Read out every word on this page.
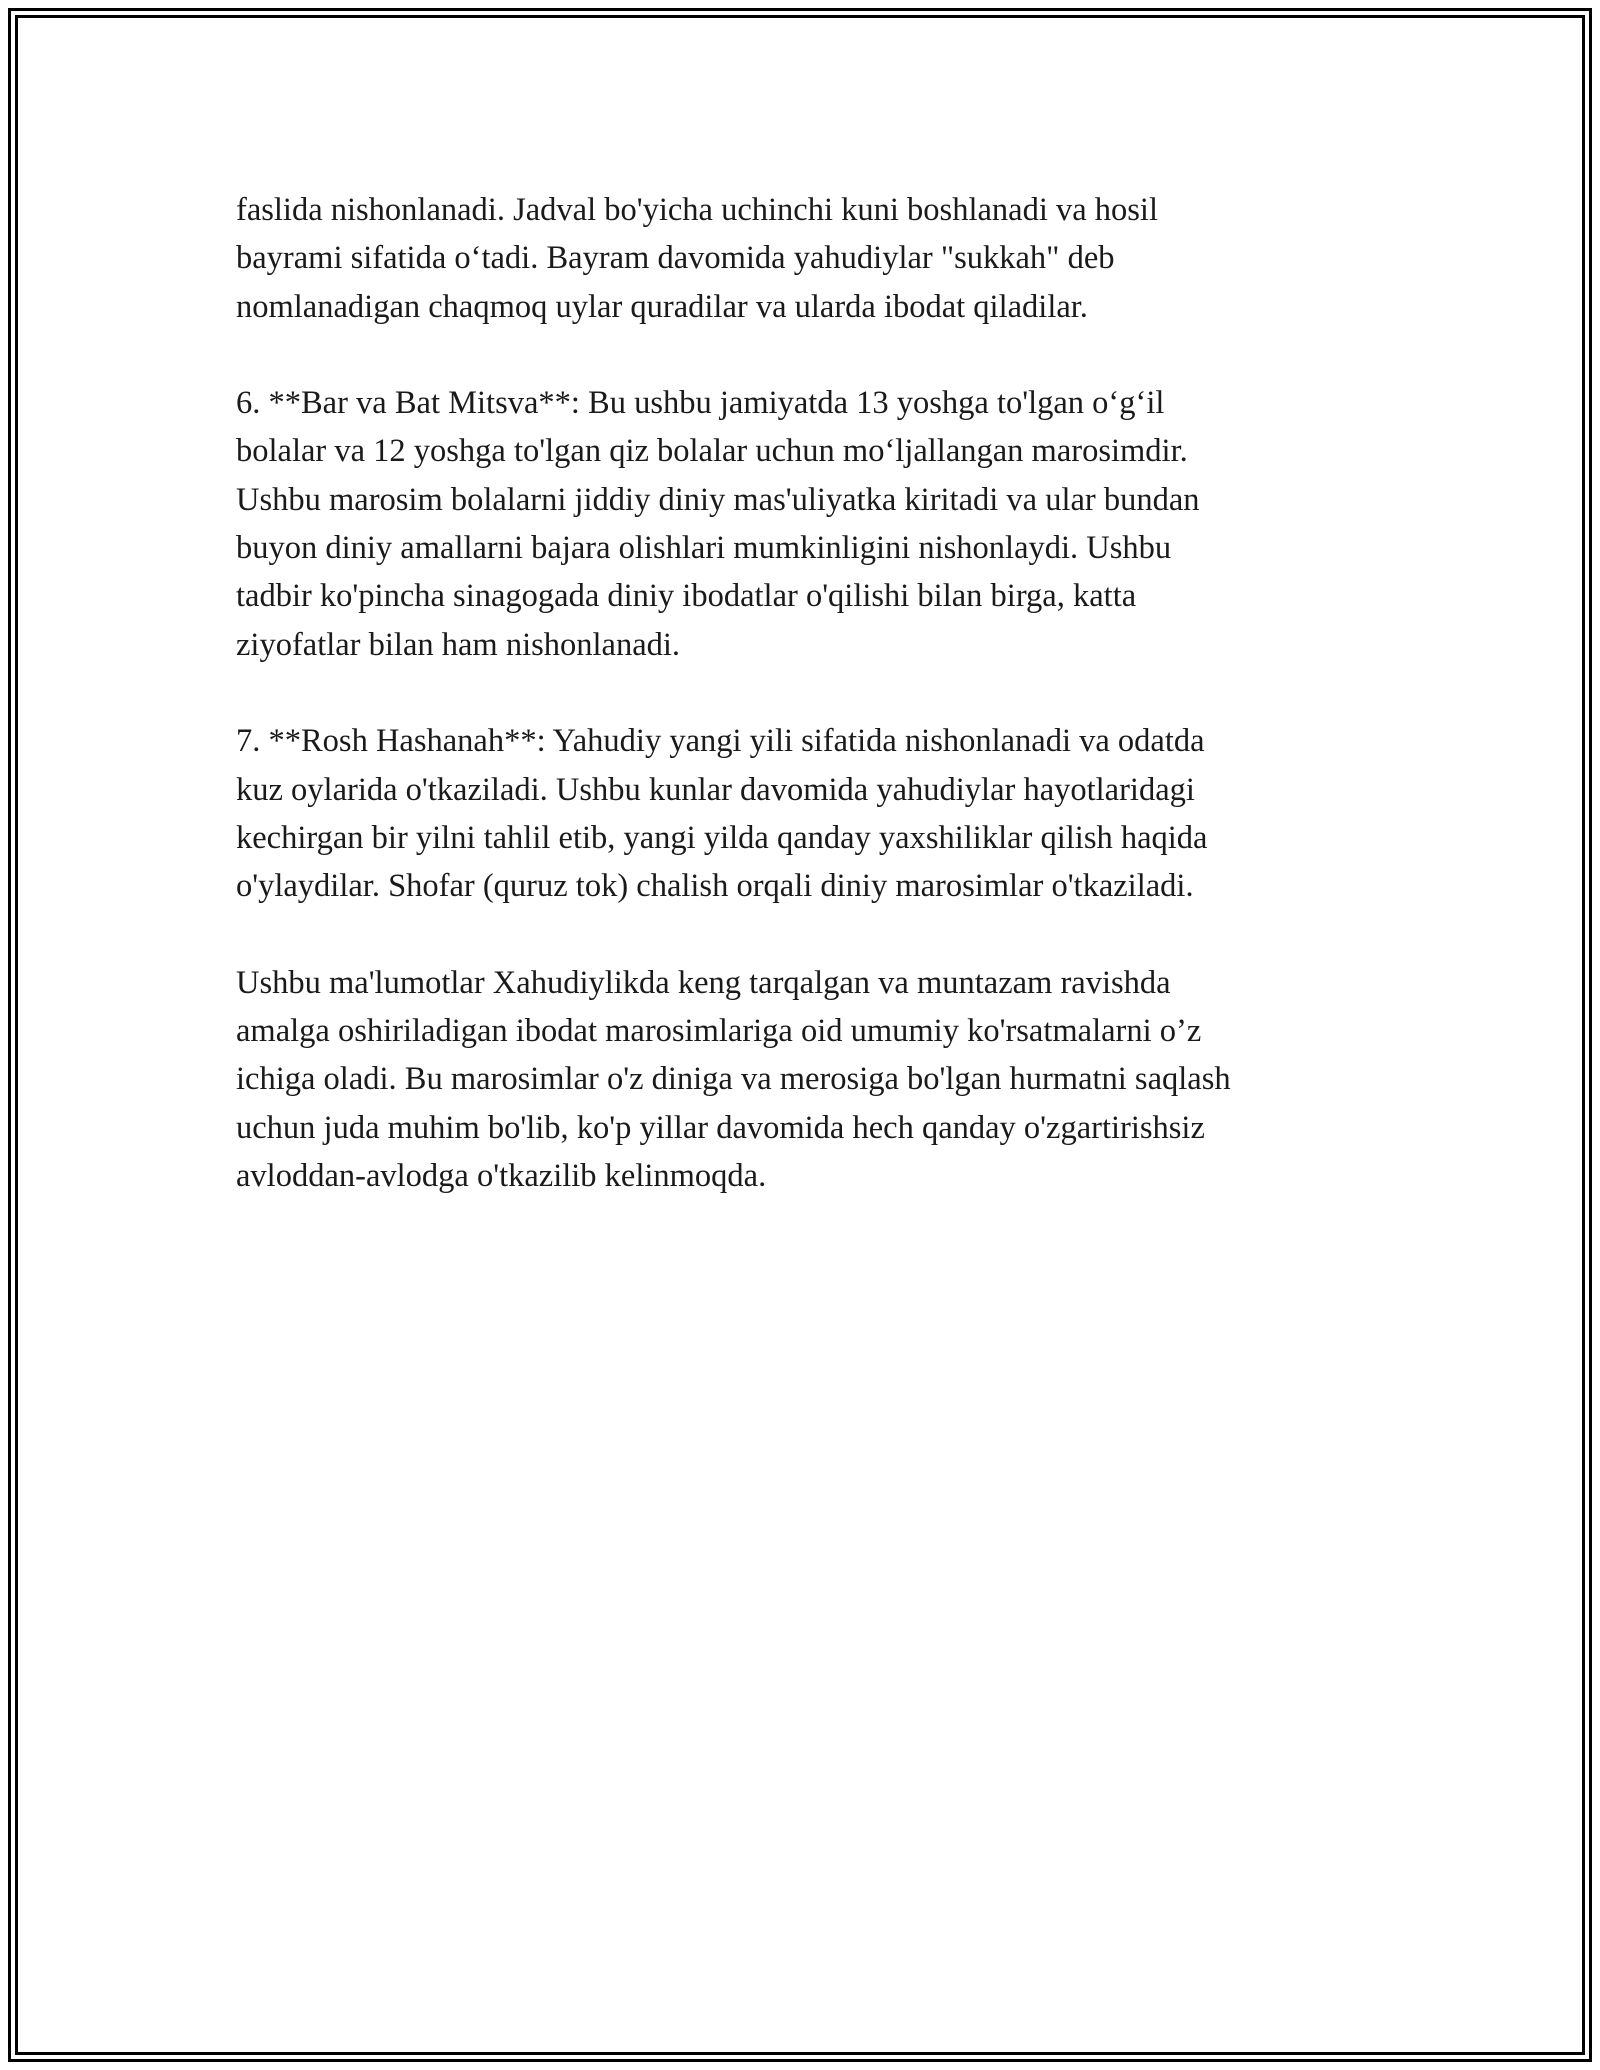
faslida nishonlanadi. Jadval bo'yicha uchinchi kuni boshlanadi va hosil
bayrami sifatida o‘tadi. Bayram davomida yahudiylar "sukkah" deb
nomlanadigan chaqmoq uylar quradilar va ularda ibodat qiladilar.

6. **Bar va Bat Mitsva**: Bu ushbu jamiyatda 13 yoshga to'lgan o‘g‘il
bolalar va 12 yoshga to'lgan qiz bolalar uchun mo‘ljallangan marosimdir.
Ushbu marosim bolalarni jiddiy diniy mas'uliyatka kiritadi va ular bundan
buyon diniy amallarni bajara olishlari mumkinligini nishonlaydi. Ushbu
tadbir ko'pincha sinagogada diniy ibodatlar o'qilishi bilan birga, katta
ziyofatlar bilan ham nishonlanadi.

7. **Rosh Hashanah**: Yahudiy yangi yili sifatida nishonlanadi va odatda
kuz oylarida o'tkaziladi. Ushbu kunlar davomida yahudiylar hayotlaridagi
kechirgan bir yilni tahlil etib, yangi yilda qanday yaxshiliklar qilish haqida
o'ylaydilar. Shofar (quruz tok) chalish orqali diniy marosimlar o'tkaziladi.

Ushbu ma'lumotlar Xahudiylikda keng tarqalgan va muntazam ravishda
amalga oshiriladigan ibodat marosimlariga oid umumiy ko'rsatmalarni o’z
ichiga oladi. Bu marosimlar o'z diniga va merosiga bo'lgan hurmatni saqlash
uchun juda muhim bo'lib, ko'p yillar davomida hech qanday o'zgartirishsiz
avloddan-avlodga o'tkazilib kelinmoqda.
